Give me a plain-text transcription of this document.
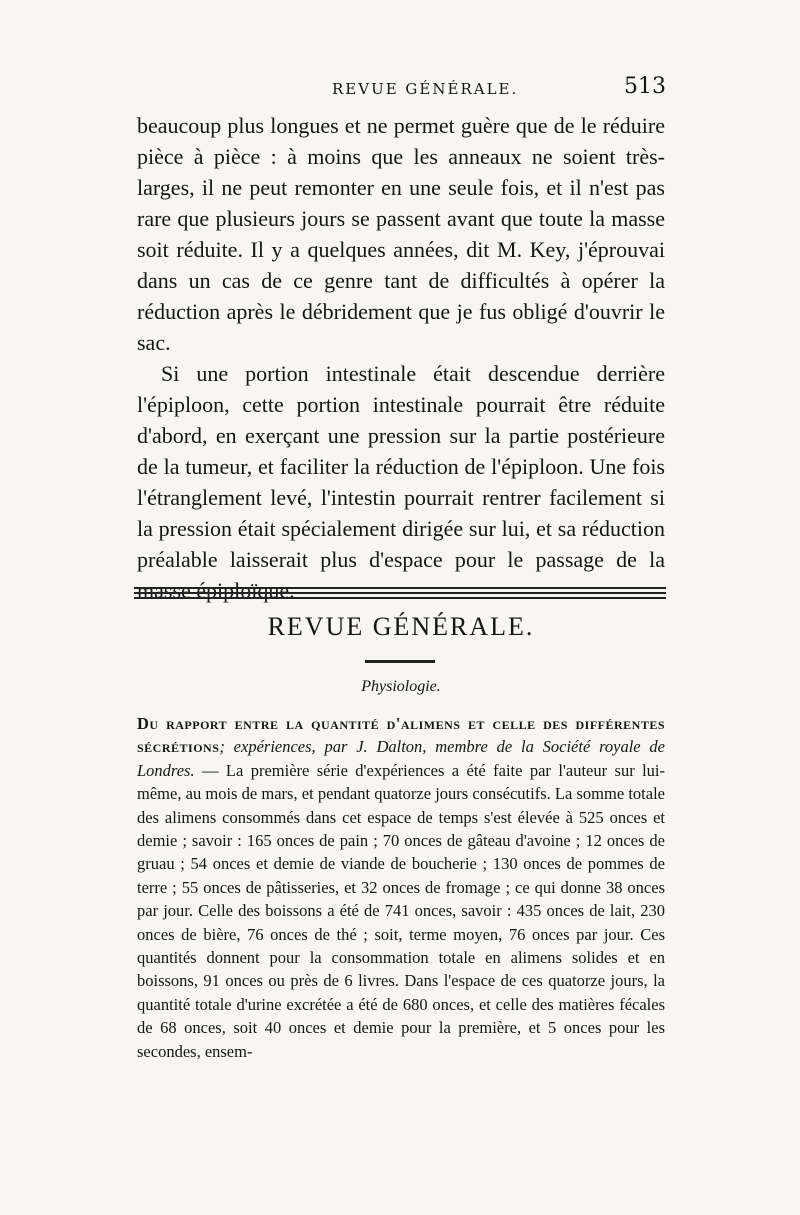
REVUE GÉNÉRALE.	513

beaucoup plus longues et ne permet guère que de le réduire pièce à pièce : à moins que les anneaux ne soient très-larges, il ne peut remonter en une seule fois, et il n'est pas rare que plusieurs jours se passent avant que toute la masse soit réduite. Il y a quelques années, dit M. Key, j'éprouvai dans un cas de ce genre tant de difficultés à opérer la réduction après le débridement que je fus obligé d'ouvrir le sac.

Si une portion intestinale était descendue derrière l'épiploon, cette portion intestinale pourrait être réduite d'abord, en exerçant une pression sur la partie postérieure de la tumeur, et faciliter la réduction de l'épiploon. Une fois l'étranglement levé, l'intestin pourrait rentrer facilement si la pression était spécialement dirigée sur lui, et sa réduction préalable laisserait plus d'espace pour le passage de la masse épiploïque.

REVUE GÉNÉRALE.
Physiologie.

Du rapport entre la quantité d'alimens et celle des différentes sécrétions; expériences, par J. Dalton, membre de la Société royale de Londres. — La première série d'expériences a été faite par l'auteur sur lui-même, au mois de mars, et pendant quatorze jours consécutifs. La somme totale des alimens consommés dans cet espace de temps s'est élevée à 525 onces et demie ; savoir : 165 onces de pain ; 70 onces de gâteau d'avoine ; 12 onces de gruau ; 54 onces et demie de viande de boucherie ; 130 onces de pommes de terre ; 55 onces de pâtisseries, et 32 onces de fromage ; ce qui donne 38 onces par jour. Celle des boissons a été de 741 onces, savoir : 435 onces de lait, 230 onces de bière, 76 onces de thé ; soit, terme moyen, 76 onces par jour. Ces quantités donnent pour la consommation totale en alimens solides et en boissons, 91 onces ou près de 6 livres. Dans l'espace de ces quatorze jours, la quantité totale d'urine excrétée a été de 680 onces, et celle des matières fécales de 68 onces, soit 40 onces et demie pour la première, et 5 onces pour les secondes, ensem-
